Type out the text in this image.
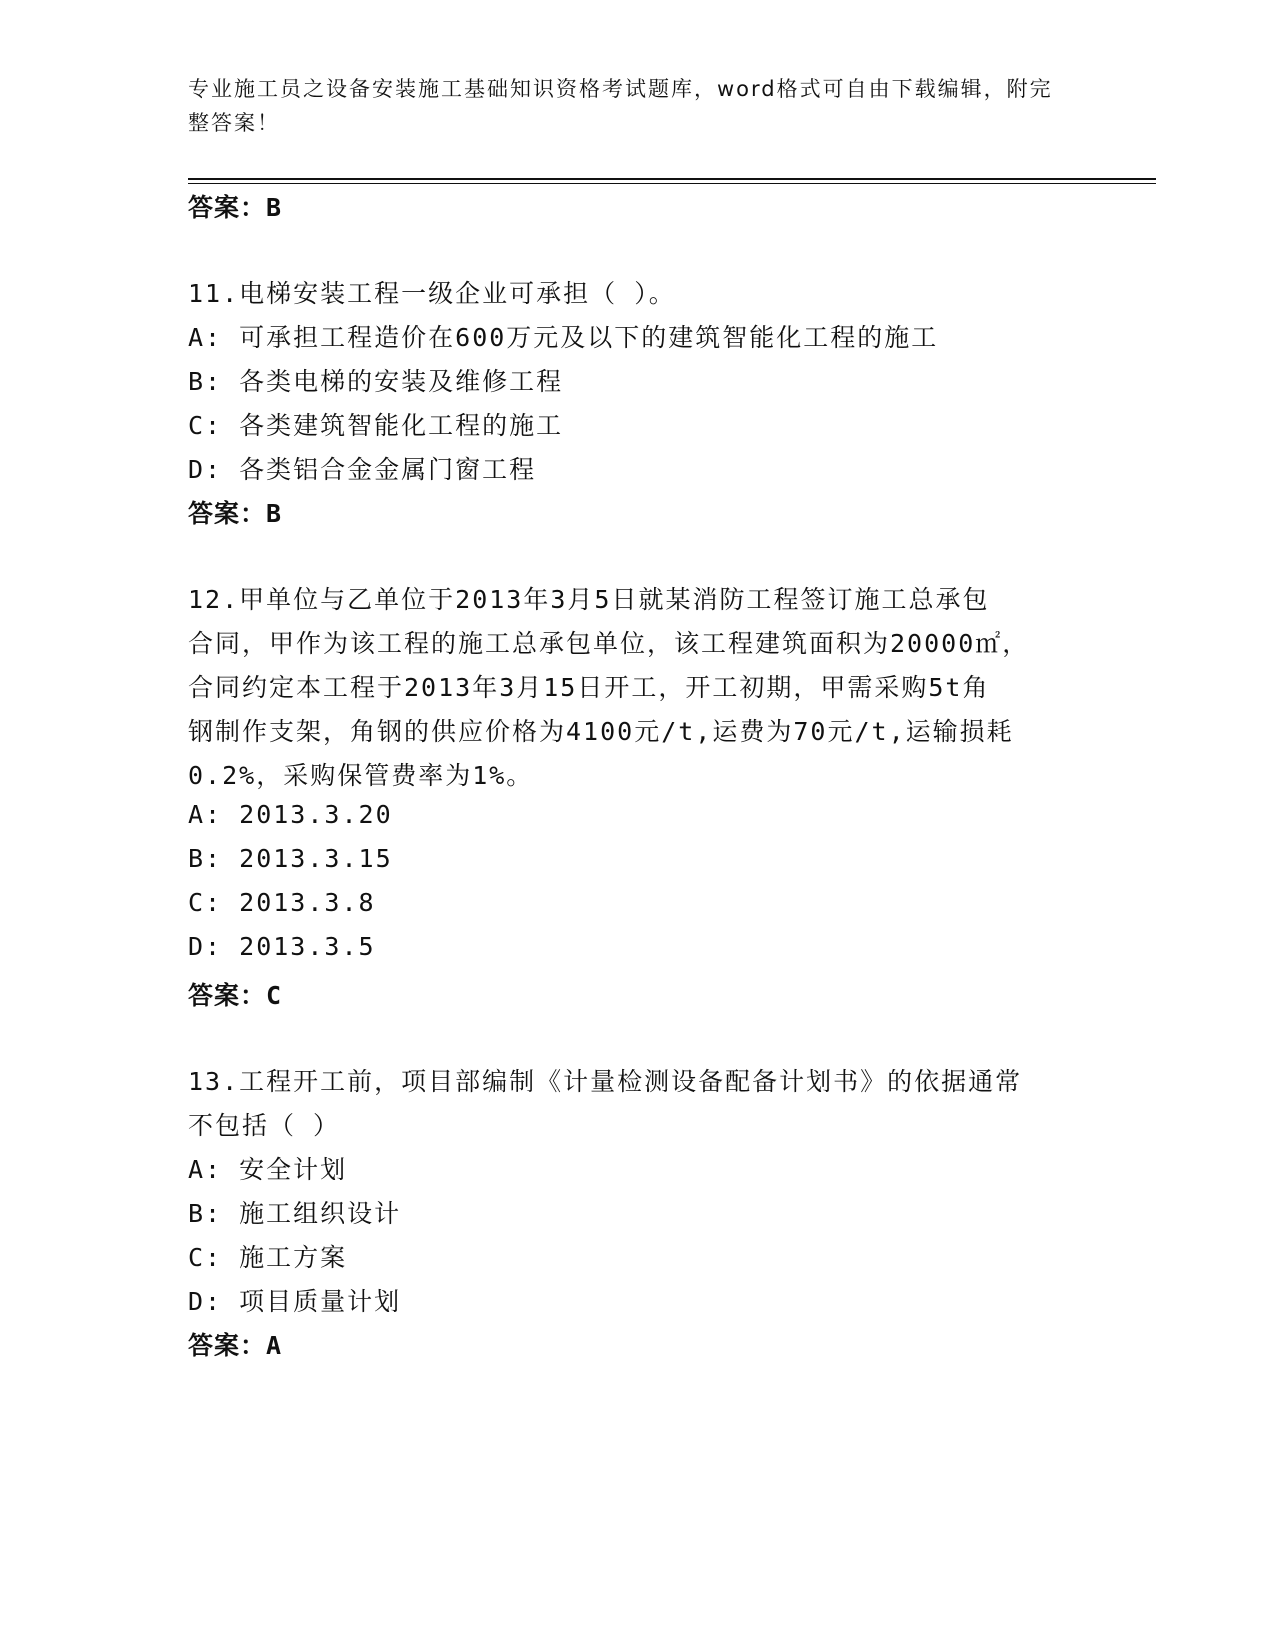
专业施工员之设备安装施工基础知识资格考试题库，word格式可自由下载编辑，附完整答案！
答案：B
11.电梯安装工程一级企业可承担（ ）。
A: 可承担工程造价在600万元及以下的建筑智能化工程的施工
B: 各类电梯的安装及维修工程
C: 各类建筑智能化工程的施工
D: 各类铝合金金属门窗工程
答案：B
12.甲单位与乙单位于2013年3月5日就某消防工程签订施工总承包
合同，甲作为该工程的施工总承包单位，该工程建筑面积为20000㎡，
合同约定本工程于2013年3月15日开工，开工初期，甲需采购5t角
钢制作支架，角钢的供应价格为4100元/t,运费为70元/t,运输损耗
0.2%，采购保管费率为1%。
A: 2013.3.20
B: 2013.3.15
C: 2013.3.8
D: 2013.3.5
答案：C
13.工程开工前，项目部编制《计量检测设备配备计划书》的依据通常
不包括（ ）
A: 安全计划
B: 施工组织设计
C: 施工方案
D: 项目质量计划
答案：A
